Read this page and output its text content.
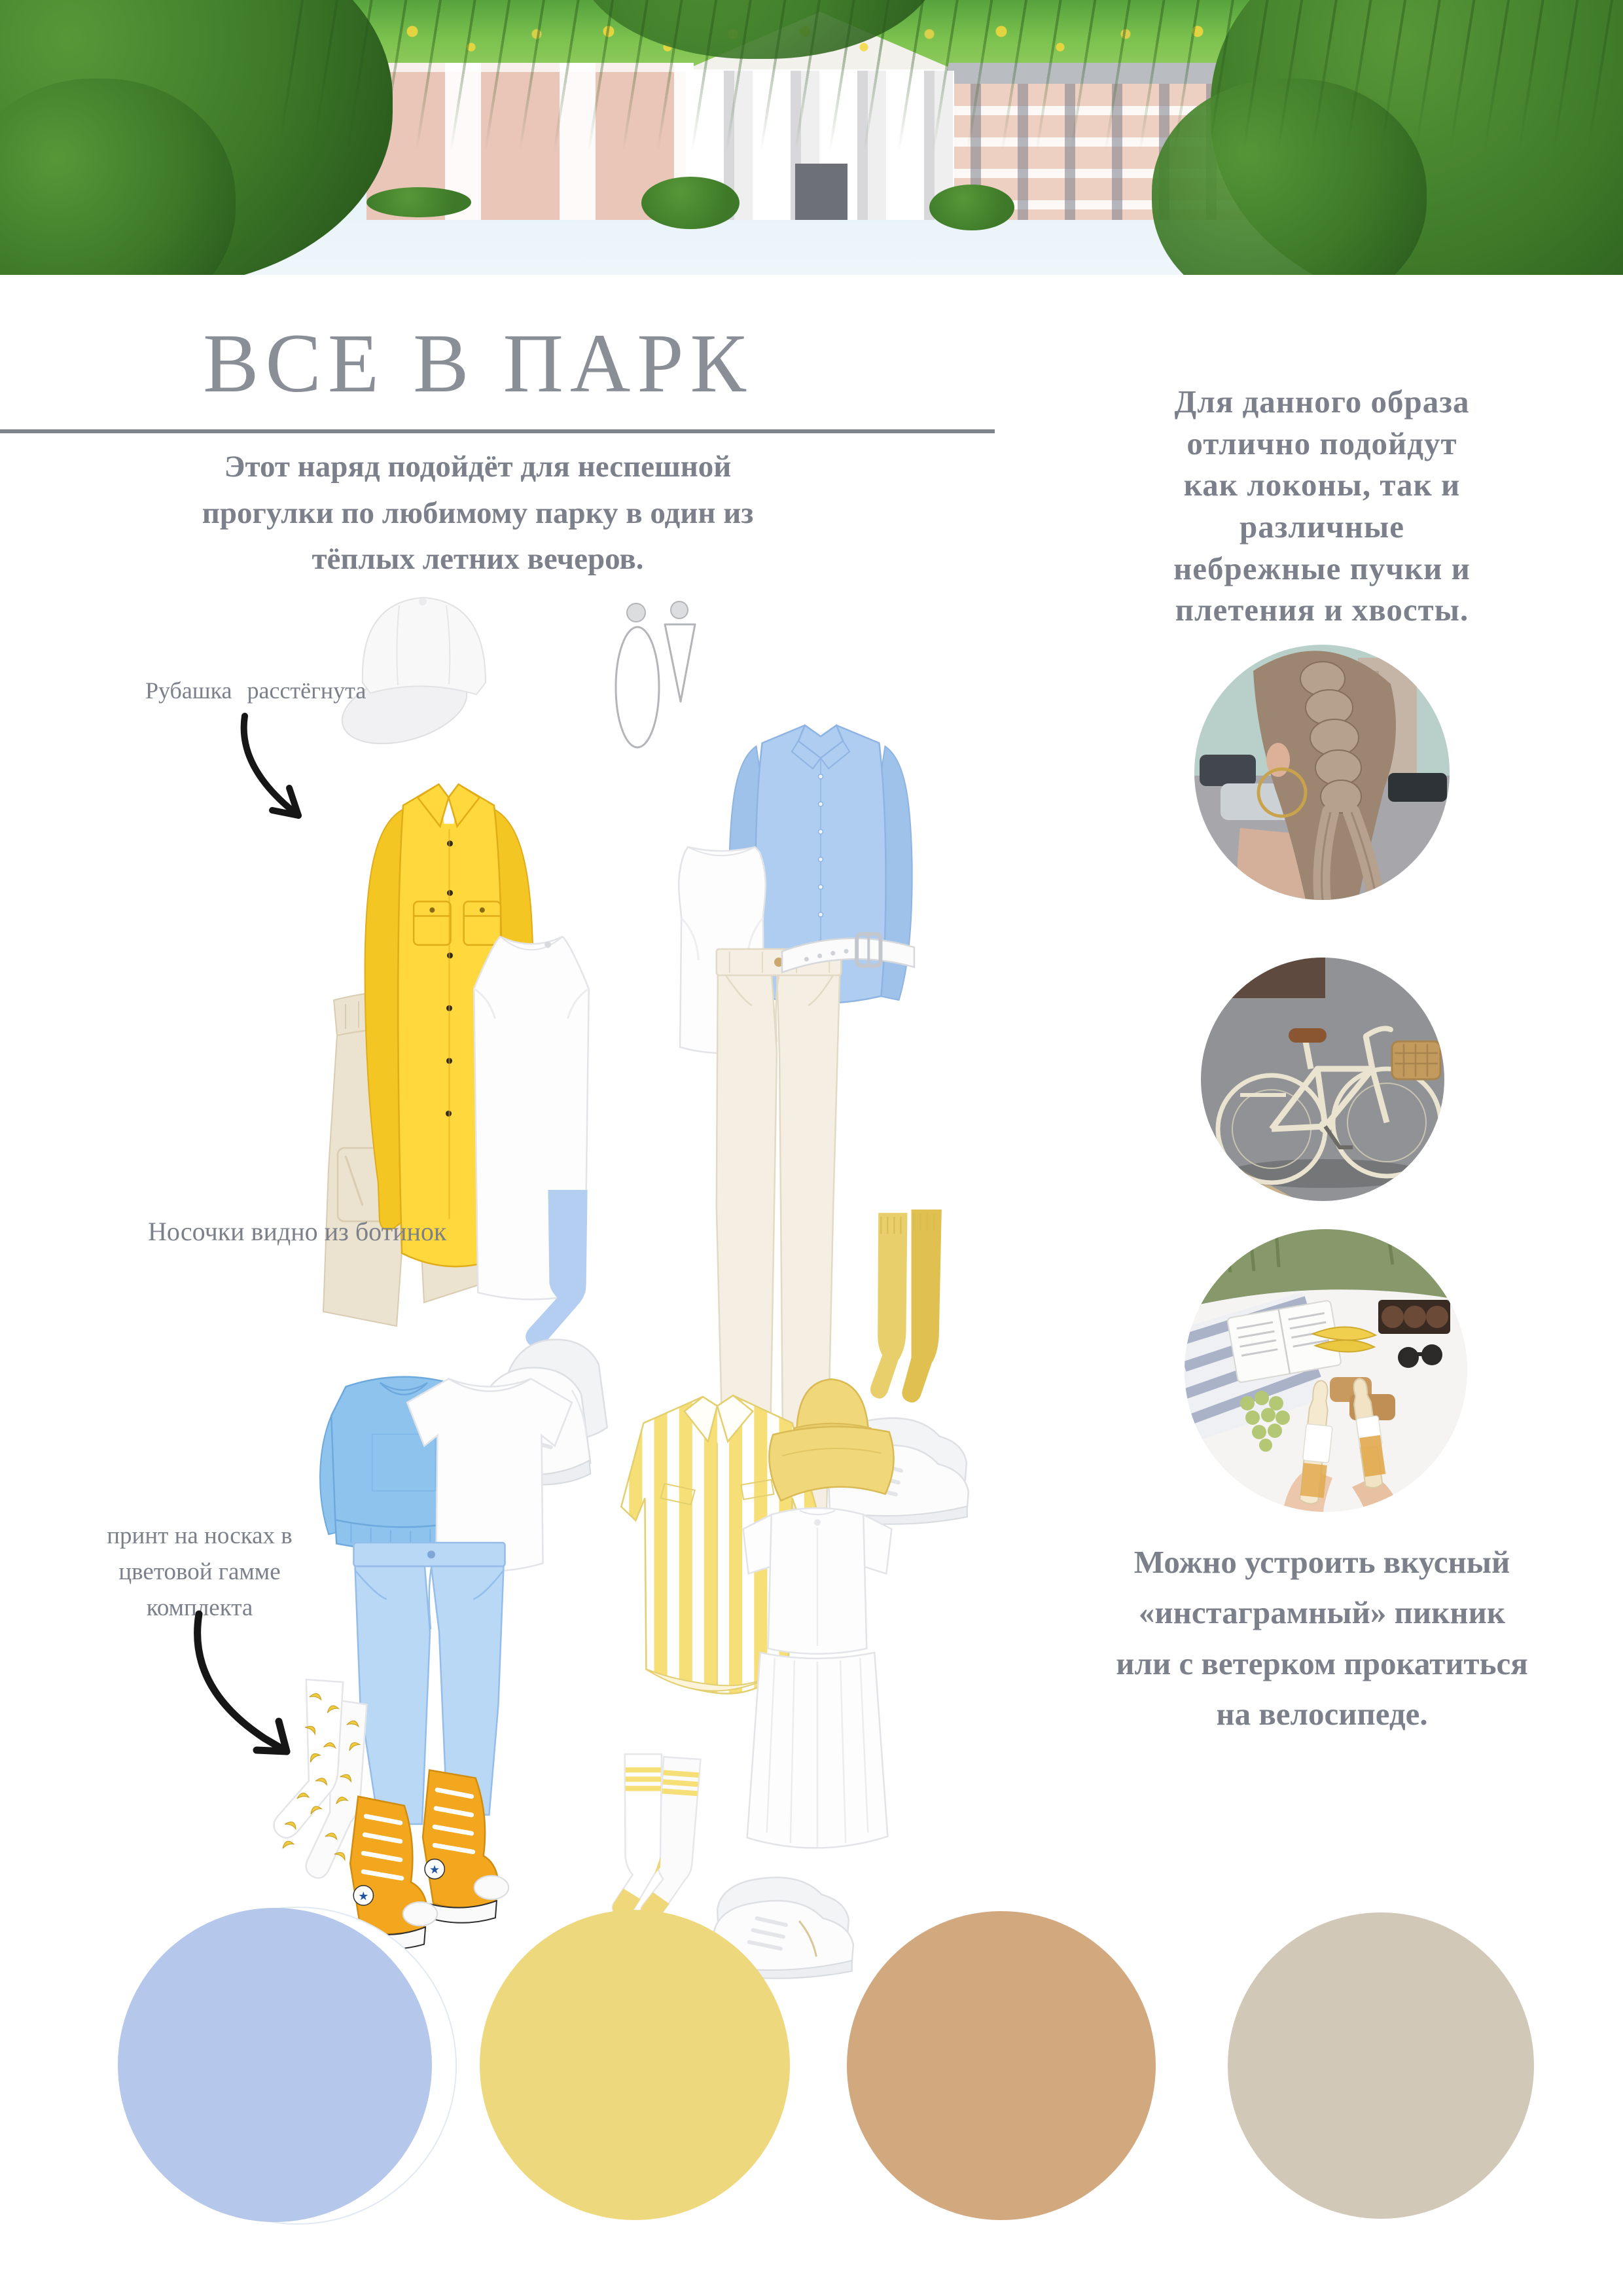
ВСЕ В ПАРК
Этот наряд подойдёт для неспешной
прогулки по любимому парку в один из
тёплых летних вечеров.
Для данного образа
отлично подойдут
как локоны, так и
различные
небрежные пучки и
плетения и хвосты.
Рубашка расстёгнута
Носочки видно из ботинок
★
★
принт на носках в
цветовой гамме
комплекта
Можно устроить вкусный
«инстаграмный» пикник
или с ветерком прокатиться
на велосипеде.
